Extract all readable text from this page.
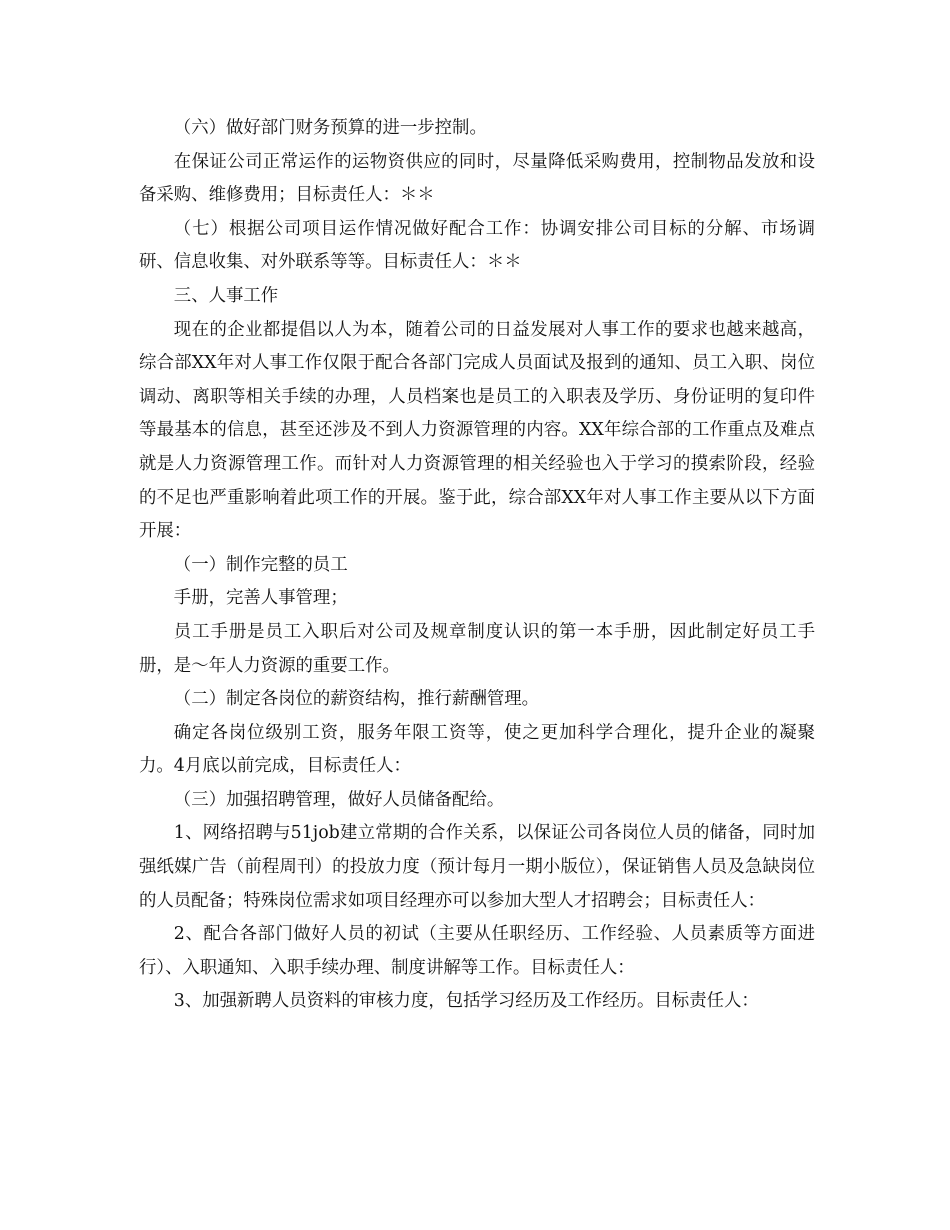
（六）做好部门财务预算的进一步控制。

在保证公司正常运作的运物资供应的同时，尽量降低采购费用，控制物品发放和设备采购、维修费用；目标责任人：＊＊

（七）根据公司项目运作情况做好配合工作：协调安排公司目标的分解、市场调研、信息收集、对外联系等等。目标责任人：＊＊

三、人事工作

现在的企业都提倡以人为本，随着公司的日益发展对人事工作的要求也越来越高，综合部XX年对人事工作仅限于配合各部门完成人员面试及报到的通知、员工入职、岗位调动、离职等相关手续的办理，人员档案也是员工的入职表及学历、身份证明的复印件等最基本的信息，甚至还涉及不到人力资源管理的内容。XX年综合部的工作重点及难点就是人力资源管理工作。而针对人力资源管理的相关经验也入于学习的摸索阶段，经验的不足也严重影响着此项工作的开展。鉴于此，综合部XX年对人事工作主要从以下方面开展：

（一）制作完整的员工

手册，完善人事管理；

员工手册是员工入职后对公司及规章制度认识的第一本手册，因此制定好员工手册，是～年人力资源的重要工作。

（二）制定各岗位的薪资结构，推行薪酬管理。

确定各岗位级别工资，服务年限工资等，使之更加科学合理化，提升企业的凝聚力。4月底以前完成，目标责任人：

（三）加强招聘管理，做好人员储备配给。

1、网络招聘与51job建立常期的合作关系，以保证公司各岗位人员的储备，同时加强纸媒广告（前程周刊）的投放力度（预计每月一期小版位），保证销售人员及急缺岗位的人员配备；特殊岗位需求如项目经理亦可以参加大型人才招聘会；目标责任人：

2、配合各部门做好人员的初试（主要从任职经历、工作经验、人员素质等方面进行）、入职通知、入职手续办理、制度讲解等工作。目标责任人：

3、加强新聘人员资料的审核力度，包括学习经历及工作经历。目标责任人：
